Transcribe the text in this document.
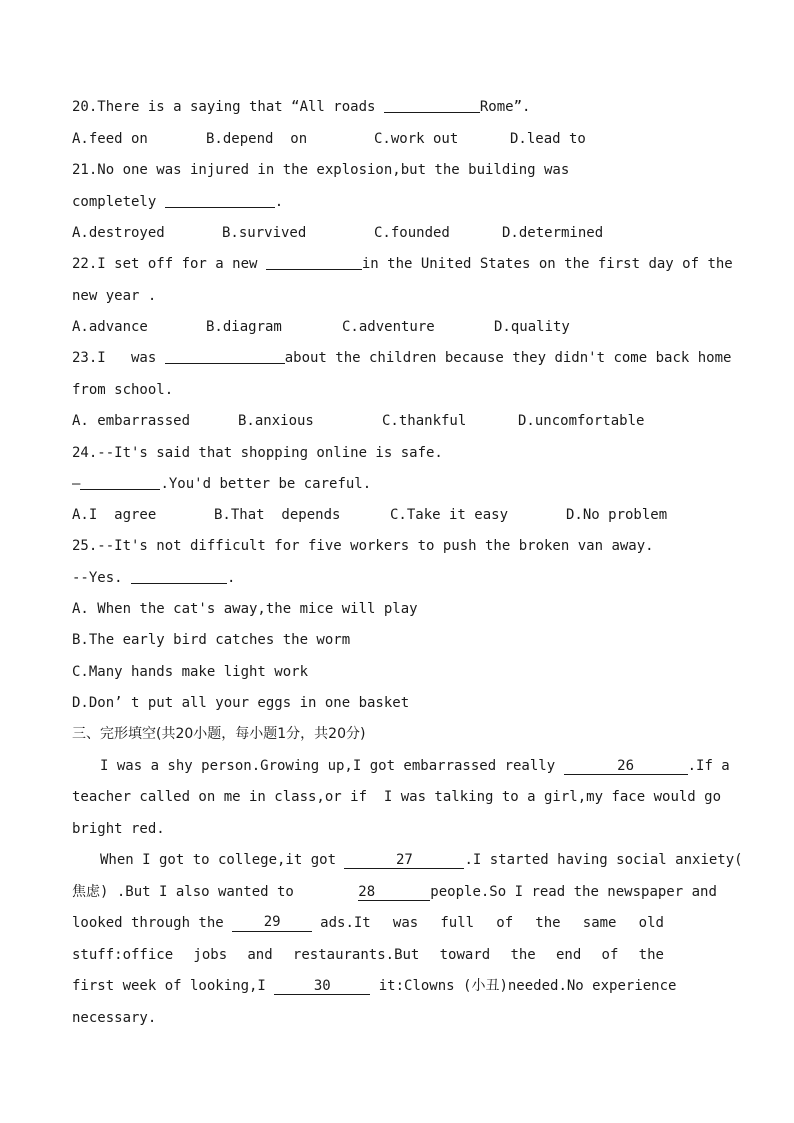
20.There is a saying that “All roads	Rome”.
A.feed on	B.depend  on	C.work out	D.lead to
21.No one was injured in the explosion,but the building was
completely	.
A.destroyed	B.survived	C.founded	D.determined
22.I set off for a new	in the United States on the first day of the
new year .
A.advance	B.diagram	C.adventure	D.quality
23.I   was	about the children because they didn't come back home
from school.
A. embarrassed	B.anxious	C.thankful	D.uncomfortable
24.--It's said that shopping online is safe.
—	.You'd better be careful.
A.I  agree	B.That  depends	C.Take it easy	D.No problem
25.--It's not difficult for five workers to push the broken van away.
--Yes.	.
A. When the cat's away,the mice will play
B.The early bird catches the worm
C.Many hands make light work
D.Don’ t put all your eggs in one basket
三、完形填空(共20小题，每小题1分，共20分)
I was a shy person.Growing up,I got embarrassed really	26	.If a
teacher called on me in class,or if  I was talking to a girl,my face would go
bright red.
When I got to college,it got	27	.I started having social anxiety(
焦虑) .But I also wanted to	28	people.So I read the newspaper and
looked through the	29	ads.It was full of the same old
stuff:office jobs and restaurants.But toward the end of the
first week of looking,I	30	it:Clowns (小丑)needed.No experience
necessary.
